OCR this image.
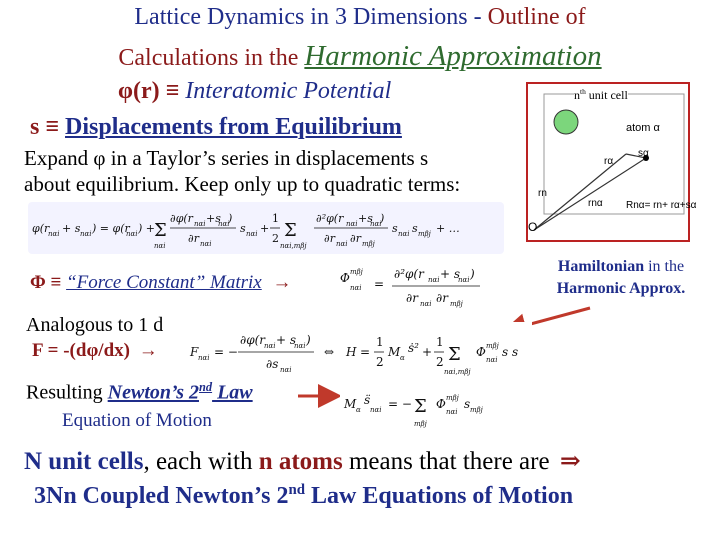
Lattice Dynamics in 3 Dimensions - Outline of
Calculations in the Harmonic Approximation
φ(r) ≡ Interatomic Potential
s ≡ Displacements from Equilibrium
Expand φ in a Taylor’s series in displacements s
about equilibrium. Keep only up to quadratic terms:
$n^{th}$ unit cell
atom α
rα
sα
rn
rnα Rnα= rn+ rα+sα
O
φ(r
nαi + s nαi ) = φ(r
nαi ) +
Σ
nαi
∂φ(r nαi +s
nαi
)
∂r nαi
s nαi +
1
2 Σ
nαi,mβj
∂²φ(r nαi +s
nαi
)
∂r nαi ∂r mβj
s nαi s mβj + …
Φ ≡ “Force Constant” Matrix →	Φ mβj
nαi =
∂²φ(r nαi + s
nαi )
∂r nαi ∂r mβj
Hamiltonian in the
Harmonic Approx.
Analogous to 1 d
F = -(dφ/dx) →	F nαi = −
∂φ(r
nαi + s
nαi )
∂s nαi
⇔ H =
1
2
M α
ṡ² +
1
2 Σ
nαi,mβj
Φ mβj
nαi
s s
Resulting Newton’s 2nd Law
Equation of Motion
M α
s̈
nαi = − Σ
mβj
Φ mβj
nαi
s mβj
N unit cells, each with n atoms means that there are ⇒
3Nn Coupled Newton’s 2nd Law Equations of Motion
